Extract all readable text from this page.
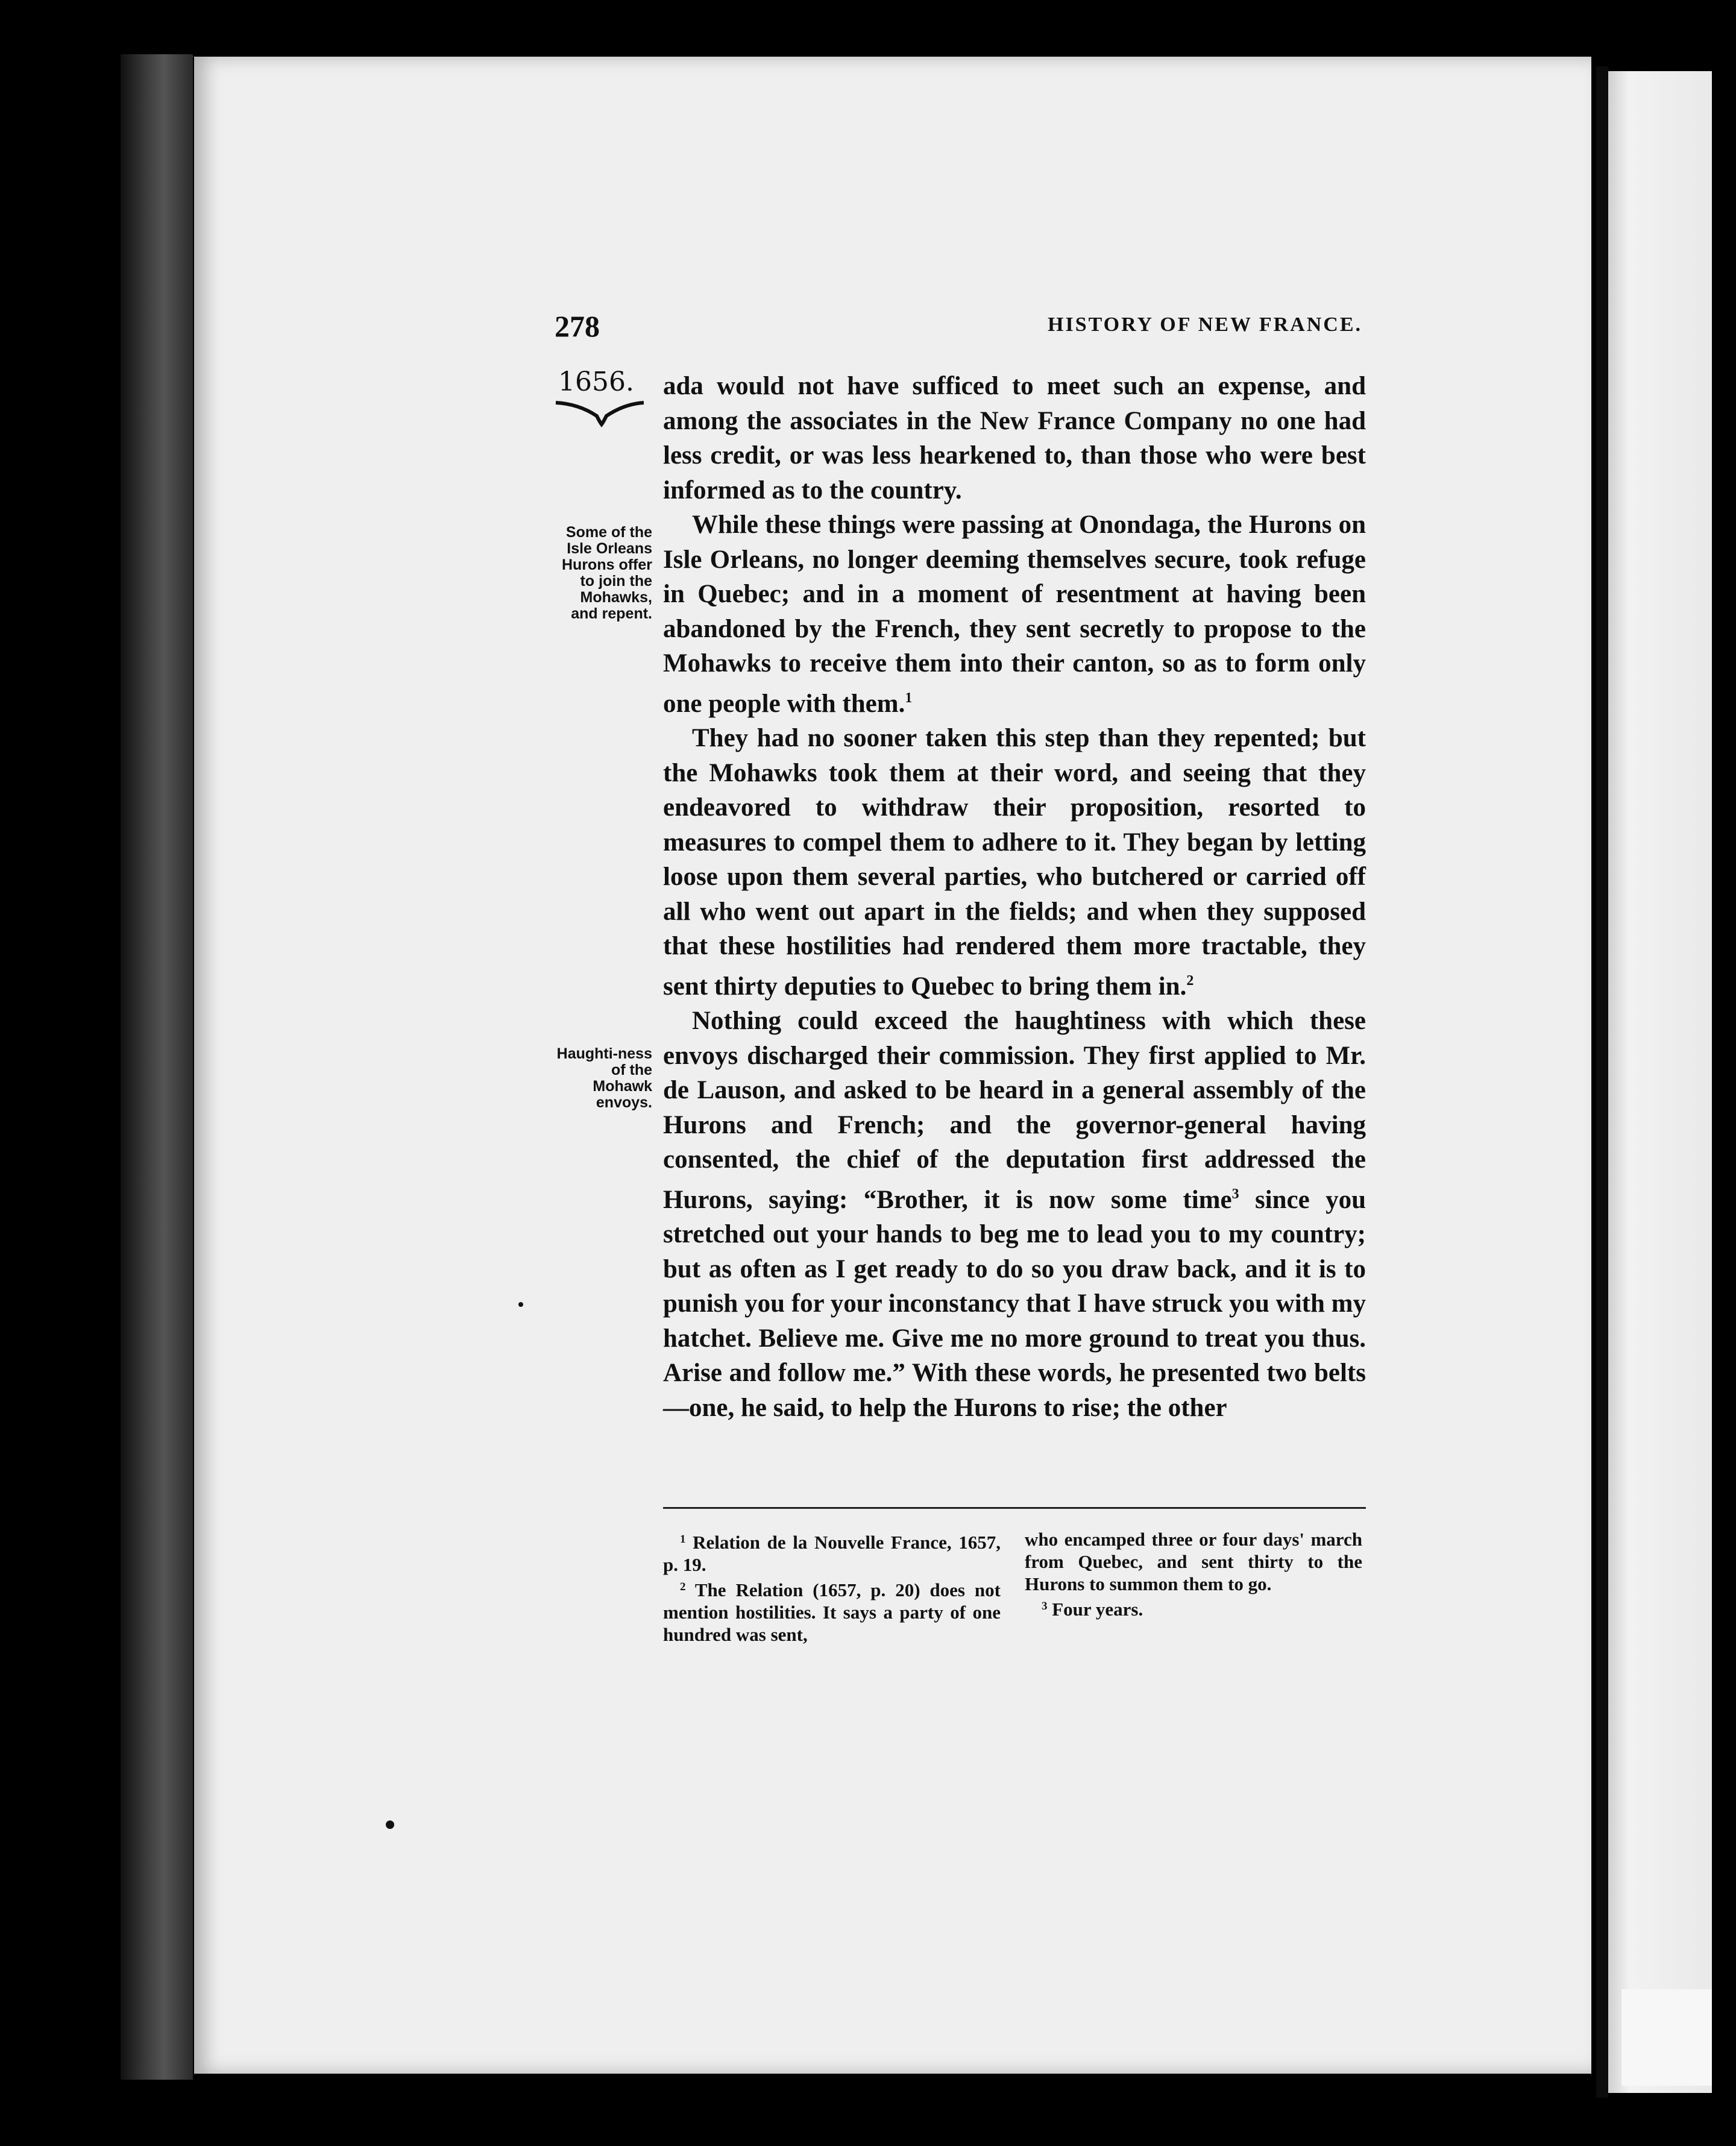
278	HISTORY OF NEW FRANCE.
1656.
Some of the Isle Orleans Hurons offer to join the Mohawks, and repent.
Haughti-ness of the Mohawk envoys.

ada would not have sufficed to meet such an expense, and among the associates in the New France Company no one had less credit, or was less hearkened to, than those who were best informed as to the country.

While these things were passing at Onondaga, the Hurons on Isle Orleans, no longer deeming themselves secure, took refuge in Quebec; and in a moment of resentment at having been abandoned by the French, they sent secretly to propose to the Mohawks to receive them into their canton, so as to form only one people with them.$^1$

They had no sooner taken this step than they repented; but the Mohawks took them at their word, and seeing that they endeavored to withdraw their proposition, resorted to measures to compel them to adhere to it. They began by letting loose upon them several parties, who butchered or carried off all who went out apart in the fields; and when they supposed that these hostilities had rendered them more tractable, they sent thirty deputies to Quebec to bring them in.$^2$

Nothing could exceed the haughtiness with which these envoys discharged their commission. They first applied to Mr. de Lauson, and asked to be heard in a general assembly of the Hurons and French; and the governor-general having consented, the chief of the deputation first addressed the Hurons, saying: “Brother, it is now some time$^3$ since you stretched out your hands to beg me to lead you to my country; but as often as I get ready to do so you draw back, and it is to punish you for your inconstancy that I have struck you with my hatchet. Believe me. Give me no more ground to treat you thus. Arise and follow me.” With these words, he presented two belts—one, he said, to help the Hurons to rise; the other

$^1$ Relation de la Nouvelle France, 1657, p. 19.

$^2$ The Relation (1657, p. 20) does not mention hostilities. It says a party of one hundred was sent,

who encamped three or four days' march from Quebec, and sent thirty to the Hurons to summon them to go.

$^3$ Four years.
